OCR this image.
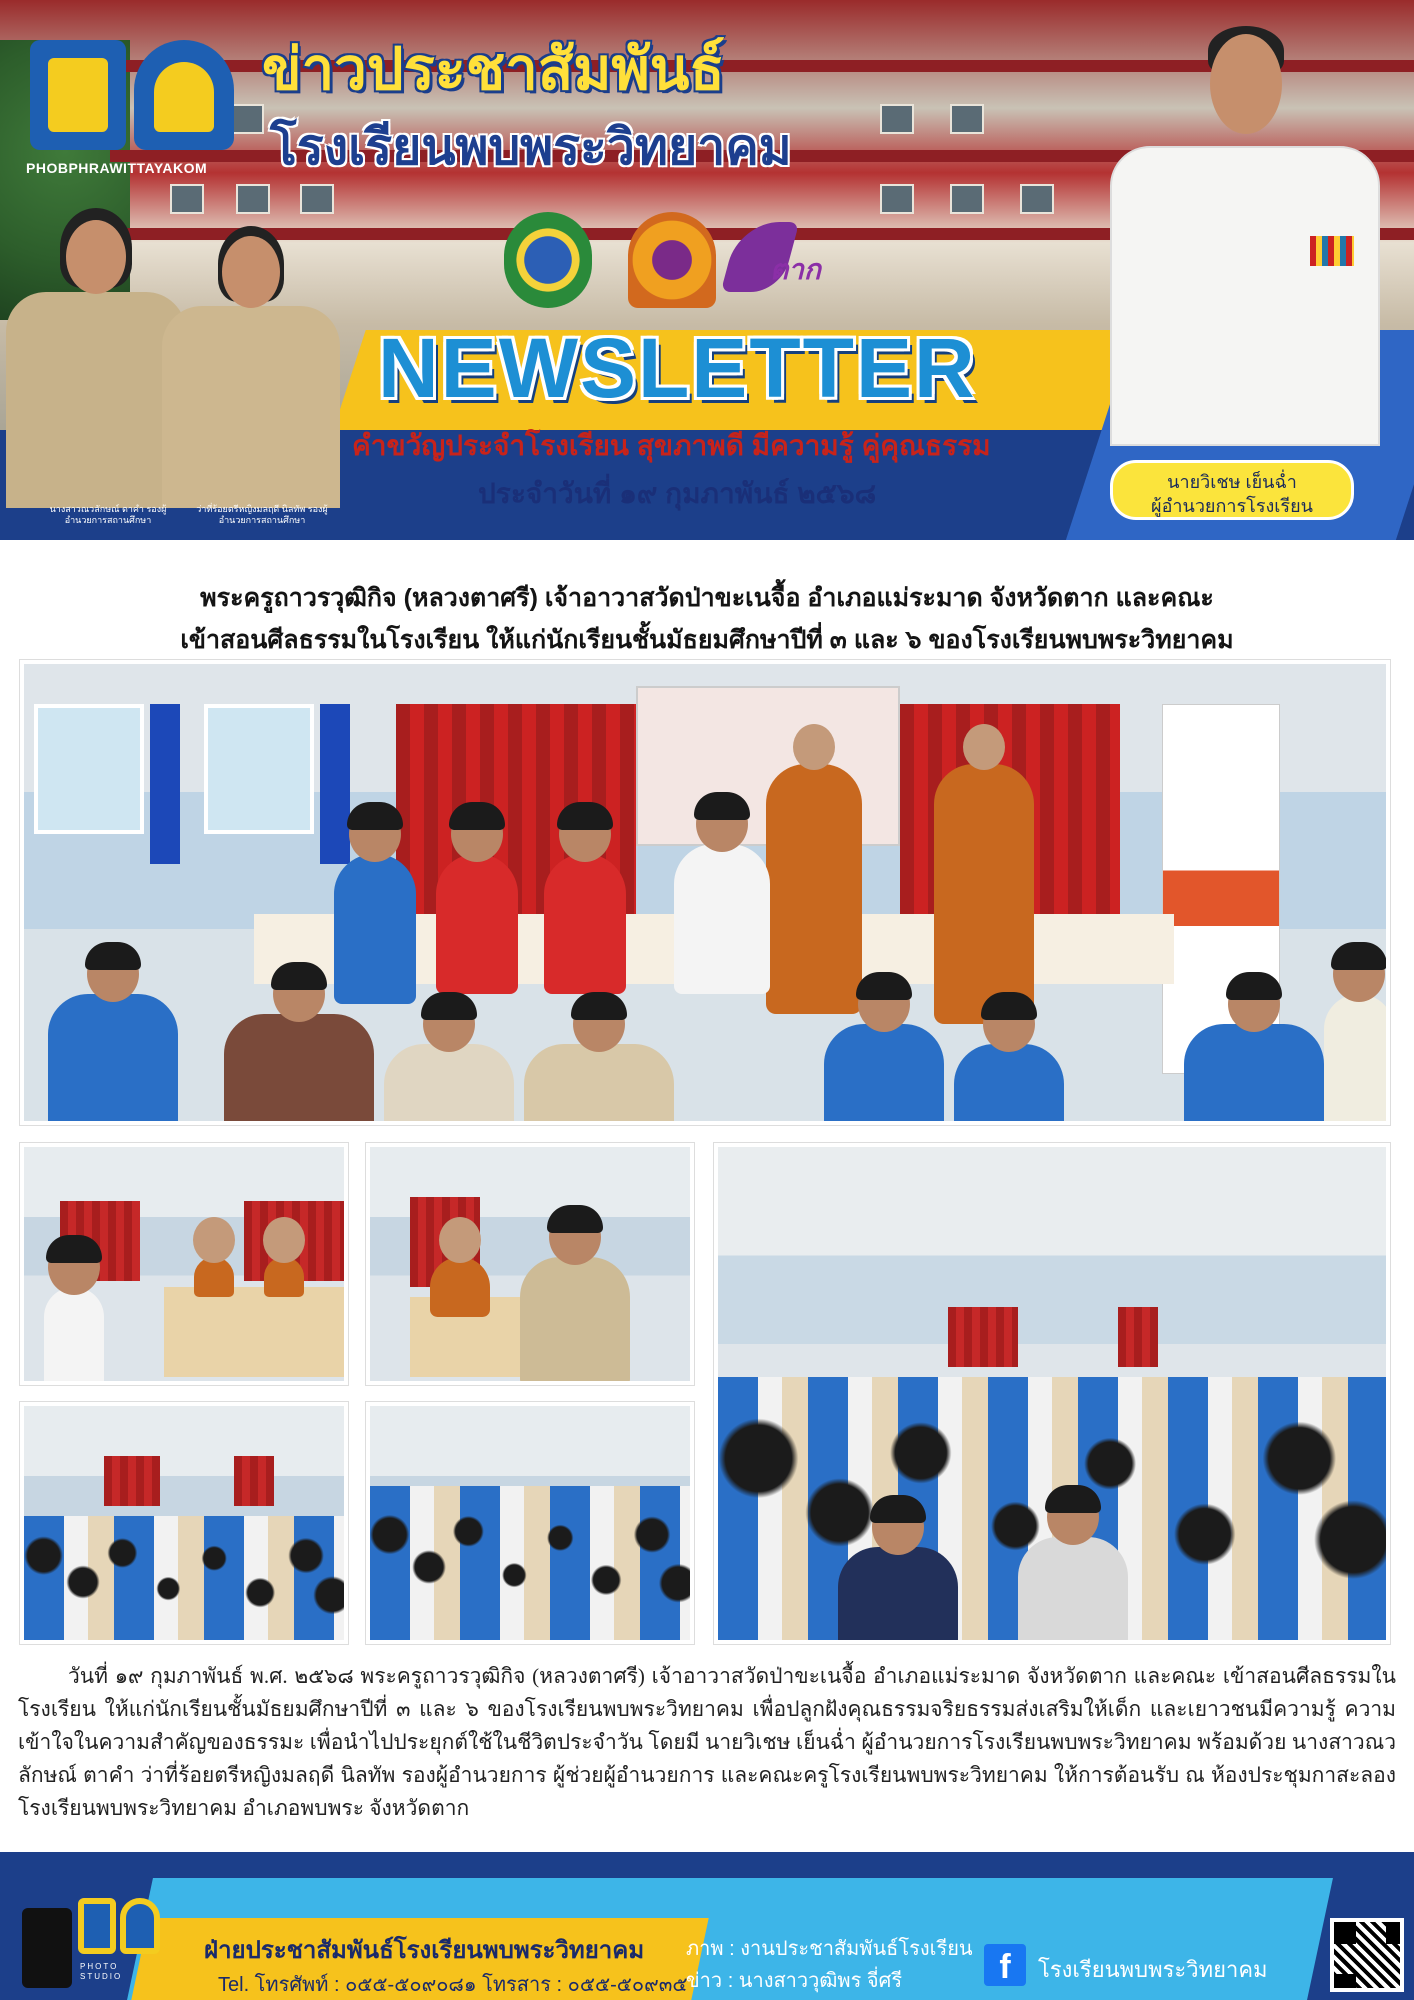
PHOBPHRAWITTAYAKOM
ข่าวประชาสัมพันธ์
โรงเรียนพบพระวิทยาคม
ตาก
NEWSLETTER
คำขวัญประจำโรงเรียน สุขภาพดี มีความรู้ คู่คุณธรรม
ประจำวันที่ ๑๙ กุมภาพันธ์ ๒๕๖๘
นางสาวณวลักษณ์ ตาคำ รองผู้อำนวยการสถานศึกษา
ว่าที่ร้อยตรีหญิงมลฤดี นิลทัพ รองผู้อำนวยการสถานศึกษา
นายวิเชษ เย็นฉ่ำ
ผู้อำนวยการโรงเรียน
พระครูถาวรวุฒิกิจ (หลวงตาศรี) เจ้าอาวาสวัดป่าขะเนจื้อ อำเภอแม่ระมาด จังหวัดตาก และคณะ
เข้าสอนศีลธรรมในโรงเรียน ให้แก่นักเรียนชั้นมัธยมศึกษาปีที่ ๓ และ ๖ ของโรงเรียนพบพระวิทยาคม

วันที่ ๑๙ กุมภาพันธ์ พ.ศ. ๒๕๖๘ พระครูถาวรวุฒิกิจ (หลวงตาศรี) เจ้าอาวาสวัดป่าขะเนจื้อ อำเภอแม่ระมาด จังหวัดตาก และคณะ เข้าสอนศีลธรรมในโรงเรียน ให้แก่นักเรียนชั้นมัธยมศึกษาปีที่ ๓ และ ๖ ของโรงเรียนพบพระวิทยาคม เพื่อปลูกฝังคุณธรรมจริยธรรมส่งเสริมให้เด็ก และเยาวชนมีความรู้ ความเข้าใจในความสำคัญของธรรมะ เพื่อนำไปประยุกต์ใช้ในชีวิตประจำวัน โดยมี นายวิเชษ เย็นฉ่ำ ผู้อำนวยการโรงเรียนพบพระวิทยาคม พร้อมด้วย นางสาวณวลักษณ์ ตาคำ ว่าที่ร้อยตรีหญิงมลฤดี นิลทัพ รองผู้อำนวยการ ผู้ช่วยผู้อำนวยการ และคณะครูโรงเรียนพบพระวิทยาคม ให้การต้อนรับ ณ ห้องประชุมกาสะลอง โรงเรียนพบพระวิทยาคม อำเภอพบพระ จังหวัดตาก

PHOTO STUDIO
ฝ่ายประชาสัมพันธ์โรงเรียนพบพระวิทยาคม
Tel. โทรศัพท์ : ๐๕๕-๕๐๙๐๘๑ โทรสาร : ๐๕๕-๕๐๙๓๕
ภาพ : งานประชาสัมพันธ์โรงเรียน
ข่าว : นางสาววุฒิพร จี่ศรี	f	โรงเรียนพบพระวิทยาคม
